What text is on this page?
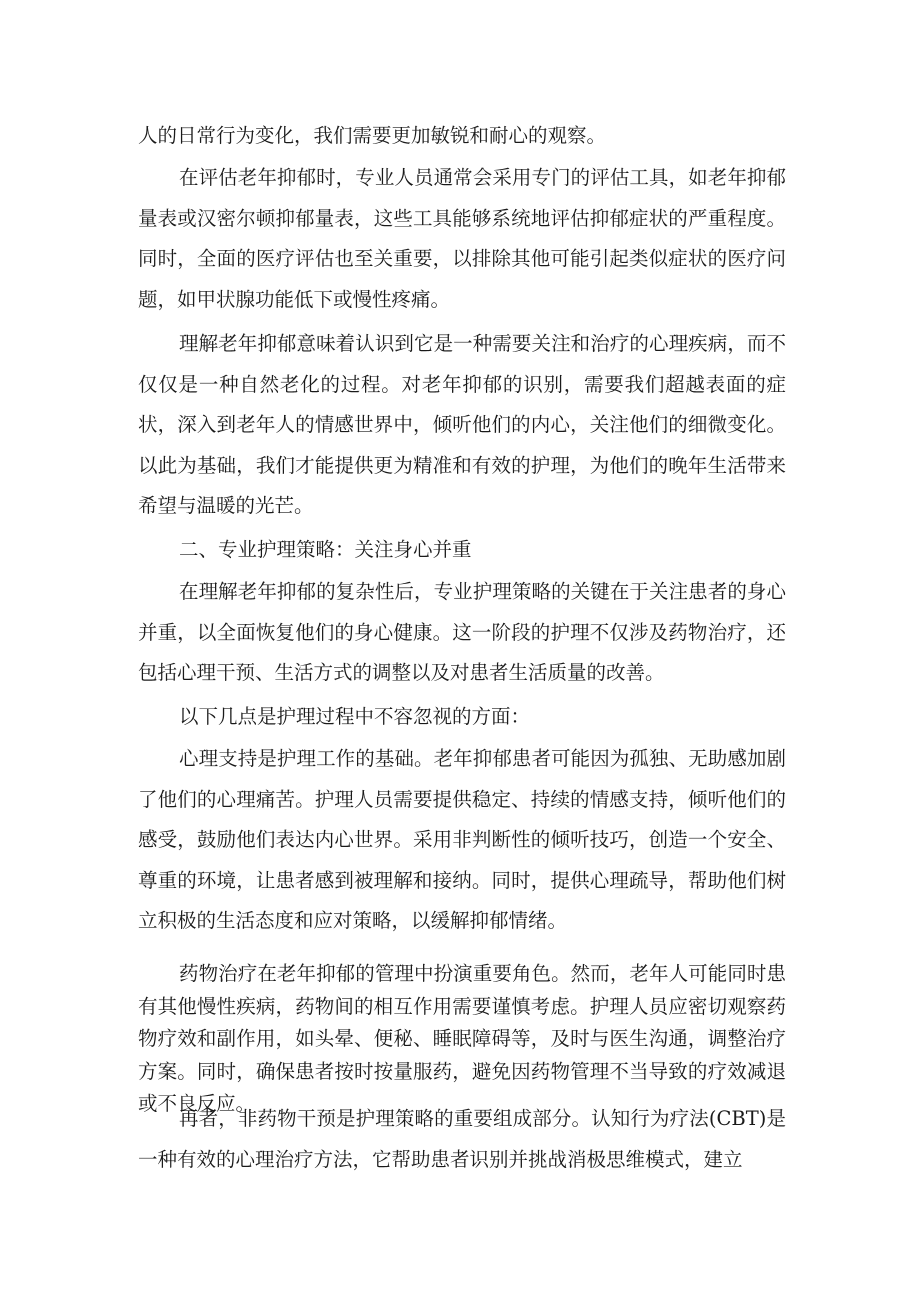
人的日常行为变化，我们需要更加敏锐和耐心的观察。

在评估老年抑郁时，专业人员通常会采用专门的评估工具，如老年抑郁量表或汉密尔顿抑郁量表，这些工具能够系统地评估抑郁症状的严重程度。同时，全面的医疗评估也至关重要，以排除其他可能引起类似症状的医疗问题，如甲状腺功能低下或慢性疼痛。

理解老年抑郁意味着认识到它是一种需要关注和治疗的心理疾病，而不仅仅是一种自然老化的过程。对老年抑郁的识别，需要我们超越表面的症状，深入到老年人的情感世界中，倾听他们的内心，关注他们的细微变化。以此为基础，我们才能提供更为精准和有效的护理，为他们的晚年生活带来希望与温暖的光芒。

二、专业护理策略：关注身心并重

在理解老年抑郁的复杂性后，专业护理策略的关键在于关注患者的身心并重，以全面恢复他们的身心健康。这一阶段的护理不仅涉及药物治疗，还包括心理干预、生活方式的调整以及对患者生活质量的改善。

以下几点是护理过程中不容忽视的方面：

心理支持是护理工作的基础。老年抑郁患者可能因为孤独、无助感加剧了他们的心理痛苦。护理人员需要提供稳定、持续的情感支持，倾听他们的感受，鼓励他们表达内心世界。采用非判断性的倾听技巧，创造一个安全、尊重的环境，让患者感到被理解和接纳。同时，提供心理疏导，帮助他们树立积极的生活态度和应对策略，以缓解抑郁情绪。

药物治疗在老年抑郁的管理中扮演重要角色。然而，老年人可能同时患有其他慢性疾病，药物间的相互作用需要谨慎考虑。护理人员应密切观察药物疗效和副作用，如头晕、便秘、睡眠障碍等，及时与医生沟通，调整治疗方案。同时，确保患者按时按量服药，避免因药物管理不当导致的疗效减退或不良反应。

再者，非药物干预是护理策略的重要组成部分。认知行为疗法(CBT)是一种有效的心理治疗方法，它帮助患者识别并挑战消极思维模式，建立
